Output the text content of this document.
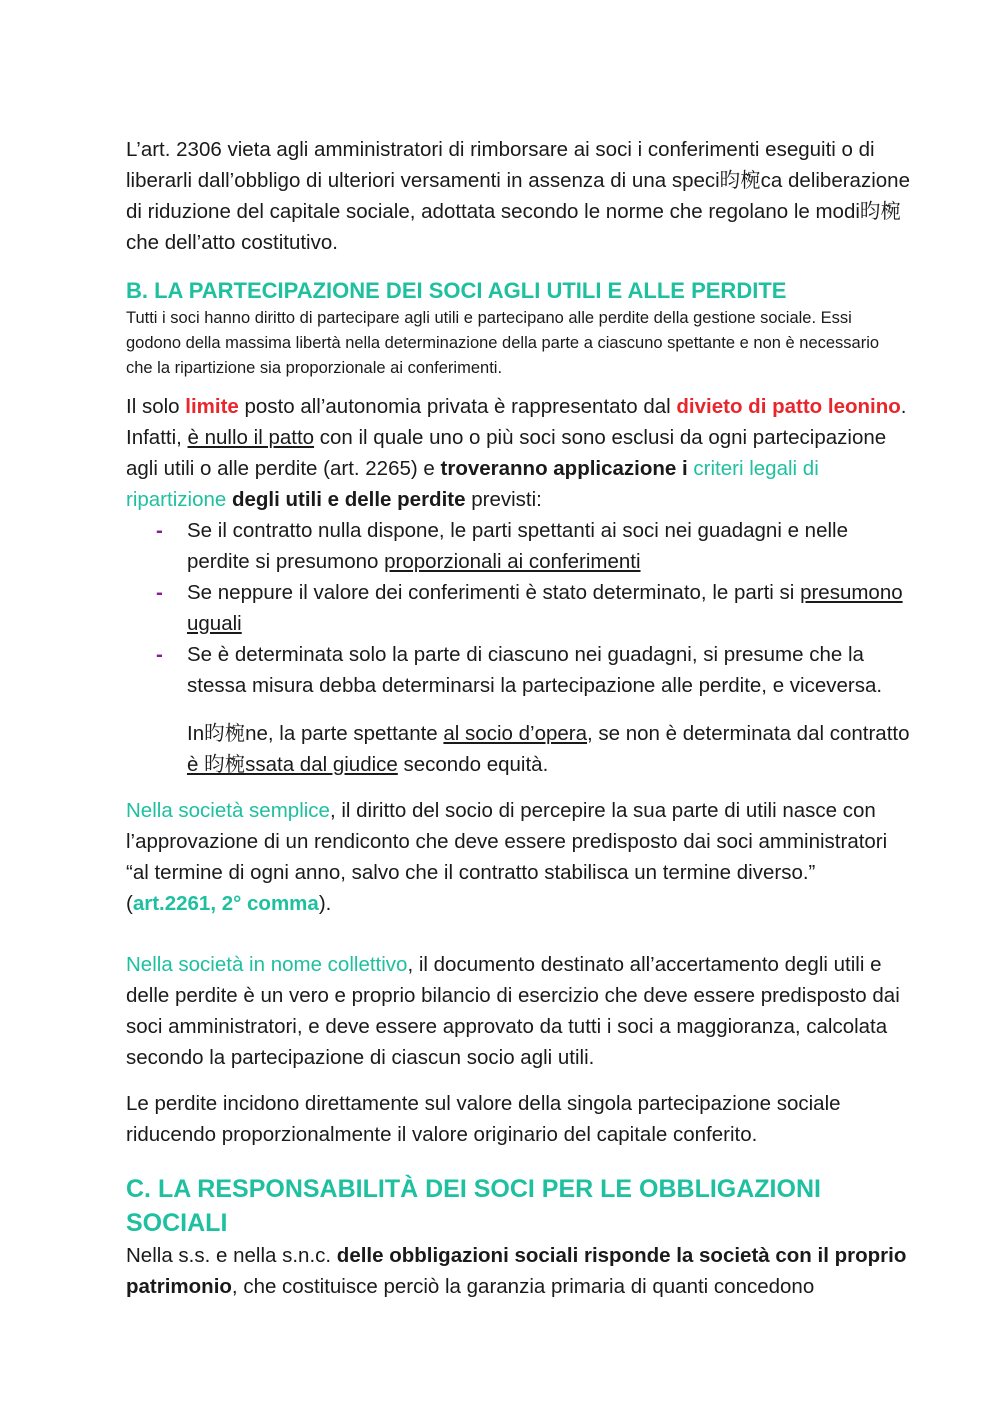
L’art. 2306 vieta agli amministratori di rimborsare ai soci i conferimenti eseguiti o di liberarli dall’obbligo di ulteriori versamenti in assenza di una speci昀椀ca deliberazione di riduzione del capitale sociale, adottata secondo le norme che regolano le modi昀椀che dell’atto costitutivo.

B. LA PARTECIPAZIONE DEI SOCI AGLI UTILI E ALLE PERDITE

Tutti i soci hanno diritto di partecipare agli utili e partecipano alle perdite della gestione sociale. Essi godono della massima libertà nella determinazione della parte a ciascuno spettante e non è necessario che la ripartizione sia proporzionale ai conferimenti.

Il solo limite posto all’autonomia privata è rappresentato dal divieto di patto leonino. Infatti, è nullo il patto con il quale uno o più soci sono esclusi da ogni partecipazione agli utili o alle perdite (art. 2265) e troveranno applicazione i criteri legali di ripartizione degli utili e delle perdite previsti:

- Se il contratto nulla dispone, le parti spettanti ai soci nei guadagni e nelle perdite si presumono proporzionali ai conferimenti
- Se neppure il valore dei conferimenti è stato determinato, le parti si presumono uguali
- Se è determinata solo la parte di ciascuno nei guadagni, si presume che la stessa misura debba determinarsi la partecipazione alle perdite, e viceversa.

In昀椀ne, la parte spettante al socio d’opera, se non è determinata dal contratto è 昀椀ssata dal giudice secondo equità.

Nella società semplice, il diritto del socio di percepire la sua parte di utili nasce con l’approvazione di un rendiconto che deve essere predisposto dai soci amministratori “al termine di ogni anno, salvo che il contratto stabilisca un termine diverso.” (art.2261, 2° comma).

Nella società in nome collettivo, il documento destinato all’accertamento degli utili e delle perdite è un vero e proprio bilancio di esercizio che deve essere predisposto dai soci amministratori, e deve essere approvato da tutti i soci a maggioranza, calcolata secondo la partecipazione di ciascun socio agli utili.

Le perdite incidono direttamente sul valore della singola partecipazione sociale riducendo proporzionalmente il valore originario del capitale conferito.

C. LA RESPONSABILITÀ DEI SOCI PER LE OBBLIGAZIONI SOCIALI

Nella s.s. e nella s.n.c. delle obbligazioni sociali risponde la società con il proprio patrimonio, che costituisce perciò la garanzia primaria di quanti concedono
